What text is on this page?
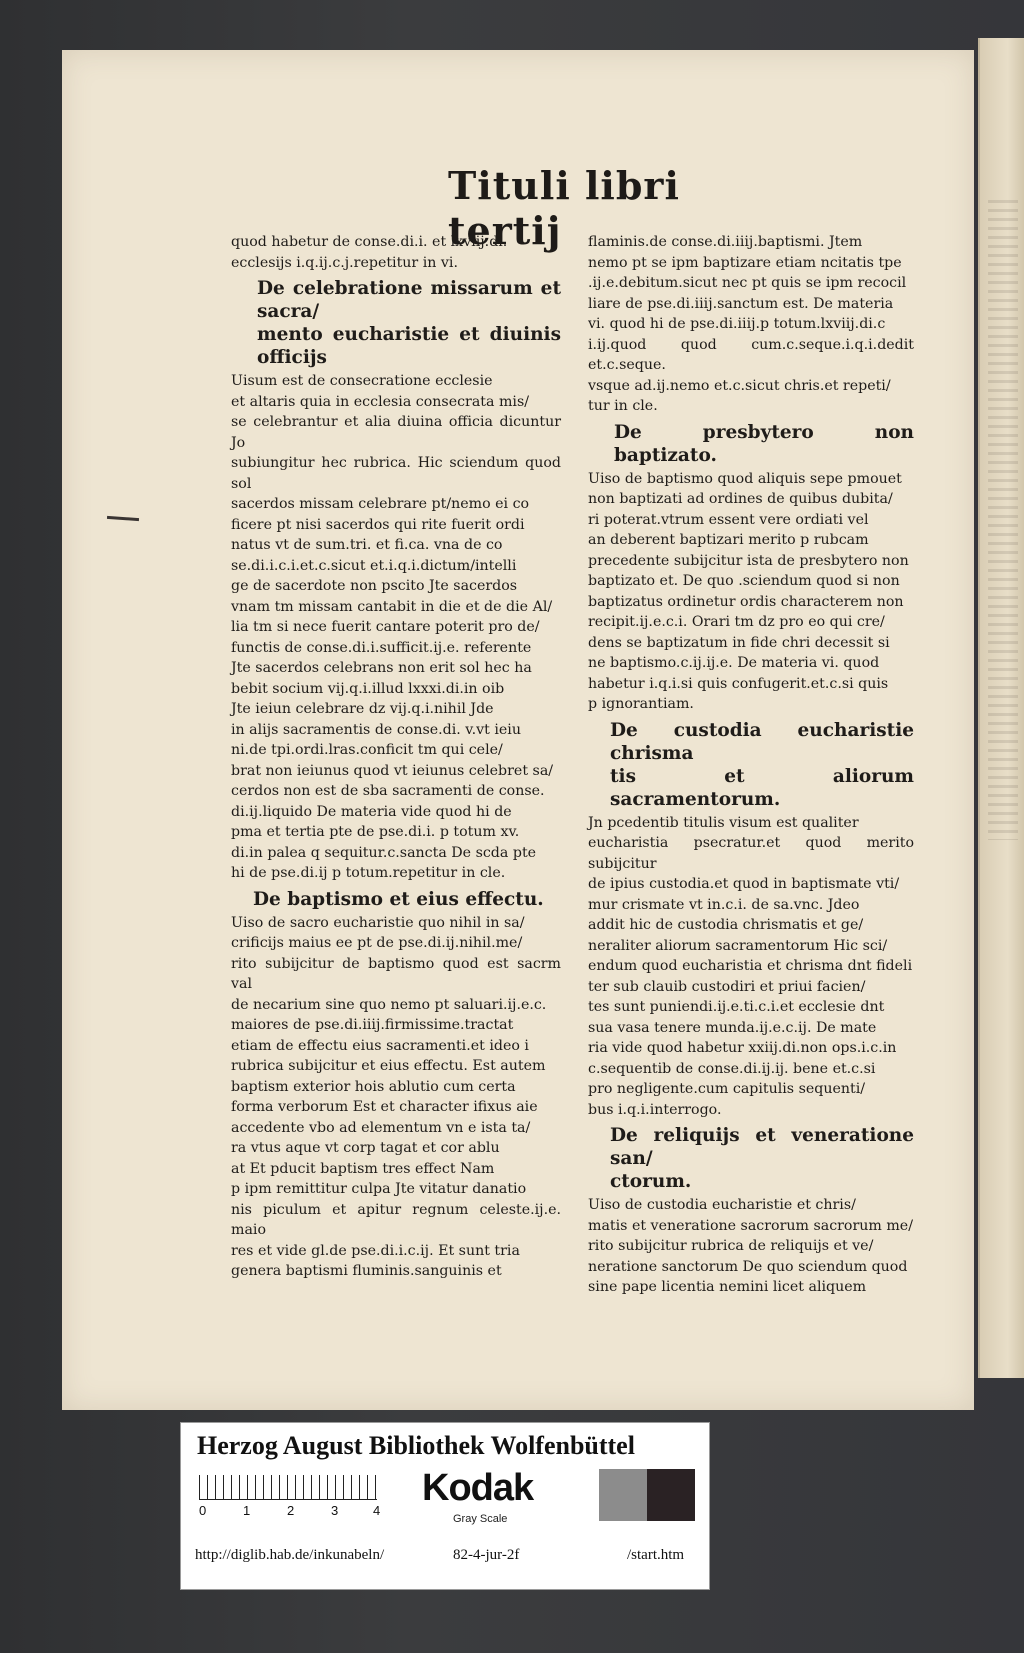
Tituli libri tertij

quod habetur de conse.di.i. et lxviij.di.
ecclesijs i.q.ij.c.j.repetitur in vi.

De celebratione missarum et sacra/
mento eucharistie et diuinis officijs

Uisum est de consecratione ecclesie
et altaris quia in ecclesia consecrata mis/
se celebrantur et alia diuina officia dicuntur Jo
subiungitur hec rubrica. Hic sciendum quod sol
sacerdos missam celebrare pt/nemo ei co
ficere pt nisi sacerdos qui rite fuerit ordi
natus vt de sum.tri. et fi.ca. vna de co
se.di.i.c.i.et.c.sicut et.i.q.i.dictum/intelli
ge de sacerdote non pscito Jte sacerdos
vnam tm missam cantabit in die et de die Al/
lia tm si nece fuerit cantare poterit pro de/
functis de conse.di.i.sufficit.ij.e. referente
Jte sacerdos celebrans non erit sol hec ha
bebit socium vij.q.i.illud lxxxi.di.in oib
Jte ieiun celebrare dz vij.q.i.nihil Jde
in alijs sacramentis de conse.di. v.vt ieiu
ni.de tpi.ordi.lras.conficit tm qui cele/
brat non ieiunus quod vt ieiunus celebret sa/
cerdos non est de sba sacramenti de conse.
di.ij.liquido De materia vide quod hi de
pma et tertia pte de pse.di.i. p totum xv.
di.in palea q sequitur.c.sancta De scda pte
hi de pse.di.ij p totum.repetitur in cle.

De baptismo et eius effectu.

Uiso de sacro eucharistie quo nihil in sa/
crificijs maius ee pt de pse.di.ij.nihil.me/
rito subijcitur de baptismo quod est sacrm val
de necarium sine quo nemo pt saluari.ij.e.c.
maiores de pse.di.iiij.firmissime.tractat
etiam de effectu eius sacramenti.et ideo i
rubrica subijcitur et eius effectu. Est autem
baptism exterior hois ablutio cum certa
forma verborum Est et character ifixus aie
accedente vbo ad elementum vn e ista ta/
ra vtus aque vt corp tagat et cor ablu
at Et pducit baptism tres effect Nam
p ipm remittitur culpa Jte vitatur danatio
nis piculum et apitur regnum celeste.ij.e. maio
res et vide gl.de pse.di.i.c.ij. Et sunt tria
genera baptismi fluminis.sanguinis et

flaminis.de conse.di.iiij.baptismi. Jtem
nemo pt se ipm baptizare etiam ncitatis tpe
.ij.e.debitum.sicut nec pt quis se ipm recocil
liare de pse.di.iiij.sanctum est. De materia
vi. quod hi de pse.di.iiij.p totum.lxviij.di.c
i.ij.quod quod cum.c.seque.i.q.i.dedit et.c.seque.
vsque ad.ij.nemo et.c.sicut chris.et repeti/
tur in cle.

De presbytero non baptizato.

Uiso de baptismo quod aliquis sepe pmouet
non baptizati ad ordines de quibus dubita/
ri poterat.vtrum essent vere ordiati vel
an deberent baptizari merito p rubcam
precedente subijcitur ista de presbytero non
baptizato et. De quo .sciendum quod si non
baptizatus ordinetur ordis characterem non
recipit.ij.e.c.i. Orari tm dz pro eo qui cre/
dens se baptizatum in fide chri decessit si
ne baptismo.c.ij.ij.e. De materia vi. quod
habetur i.q.i.si quis confugerit.et.c.si quis
p ignorantiam.

De custodia eucharistie chrisma
tis et aliorum sacramentorum.

Jn pcedentib titulis visum est qualiter
eucharistia psecratur.et quod merito subijcitur
de ipius custodia.et quod in baptismate vti/
mur crismate vt in.c.i. de sa.vnc. Jdeo
addit hic de custodia chrismatis et ge/
neraliter aliorum sacramentorum Hic sci/
endum quod eucharistia et chrisma dnt fideli
ter sub clauib custodiri et priui facien/
tes sunt puniendi.ij.e.ti.c.i.et ecclesie dnt
sua vasa tenere munda.ij.e.c.ij. De mate
ria vide quod habetur xxiij.di.non ops.i.c.in
c.sequentib de conse.di.ij.ij. bene et.c.si
pro negligente.cum capitulis sequenti/
bus i.q.i.interrogo.

De reliquijs et veneratione san/
ctorum.

Uiso de custodia eucharistie et chris/
matis et veneratione sacrorum sacrorum me/
rito subijcitur rubrica de reliquijs et ve/
neratione sanctorum De quo sciendum quod
sine pape licentia nemini licet aliquem

Herzog August Bibliothek Wolfenbüttel
0	1	2	3	4
Kodak
Gray Scale
http://diglib.hab.de/inkunabeln/	82-4-jur-2f	/start.htm
